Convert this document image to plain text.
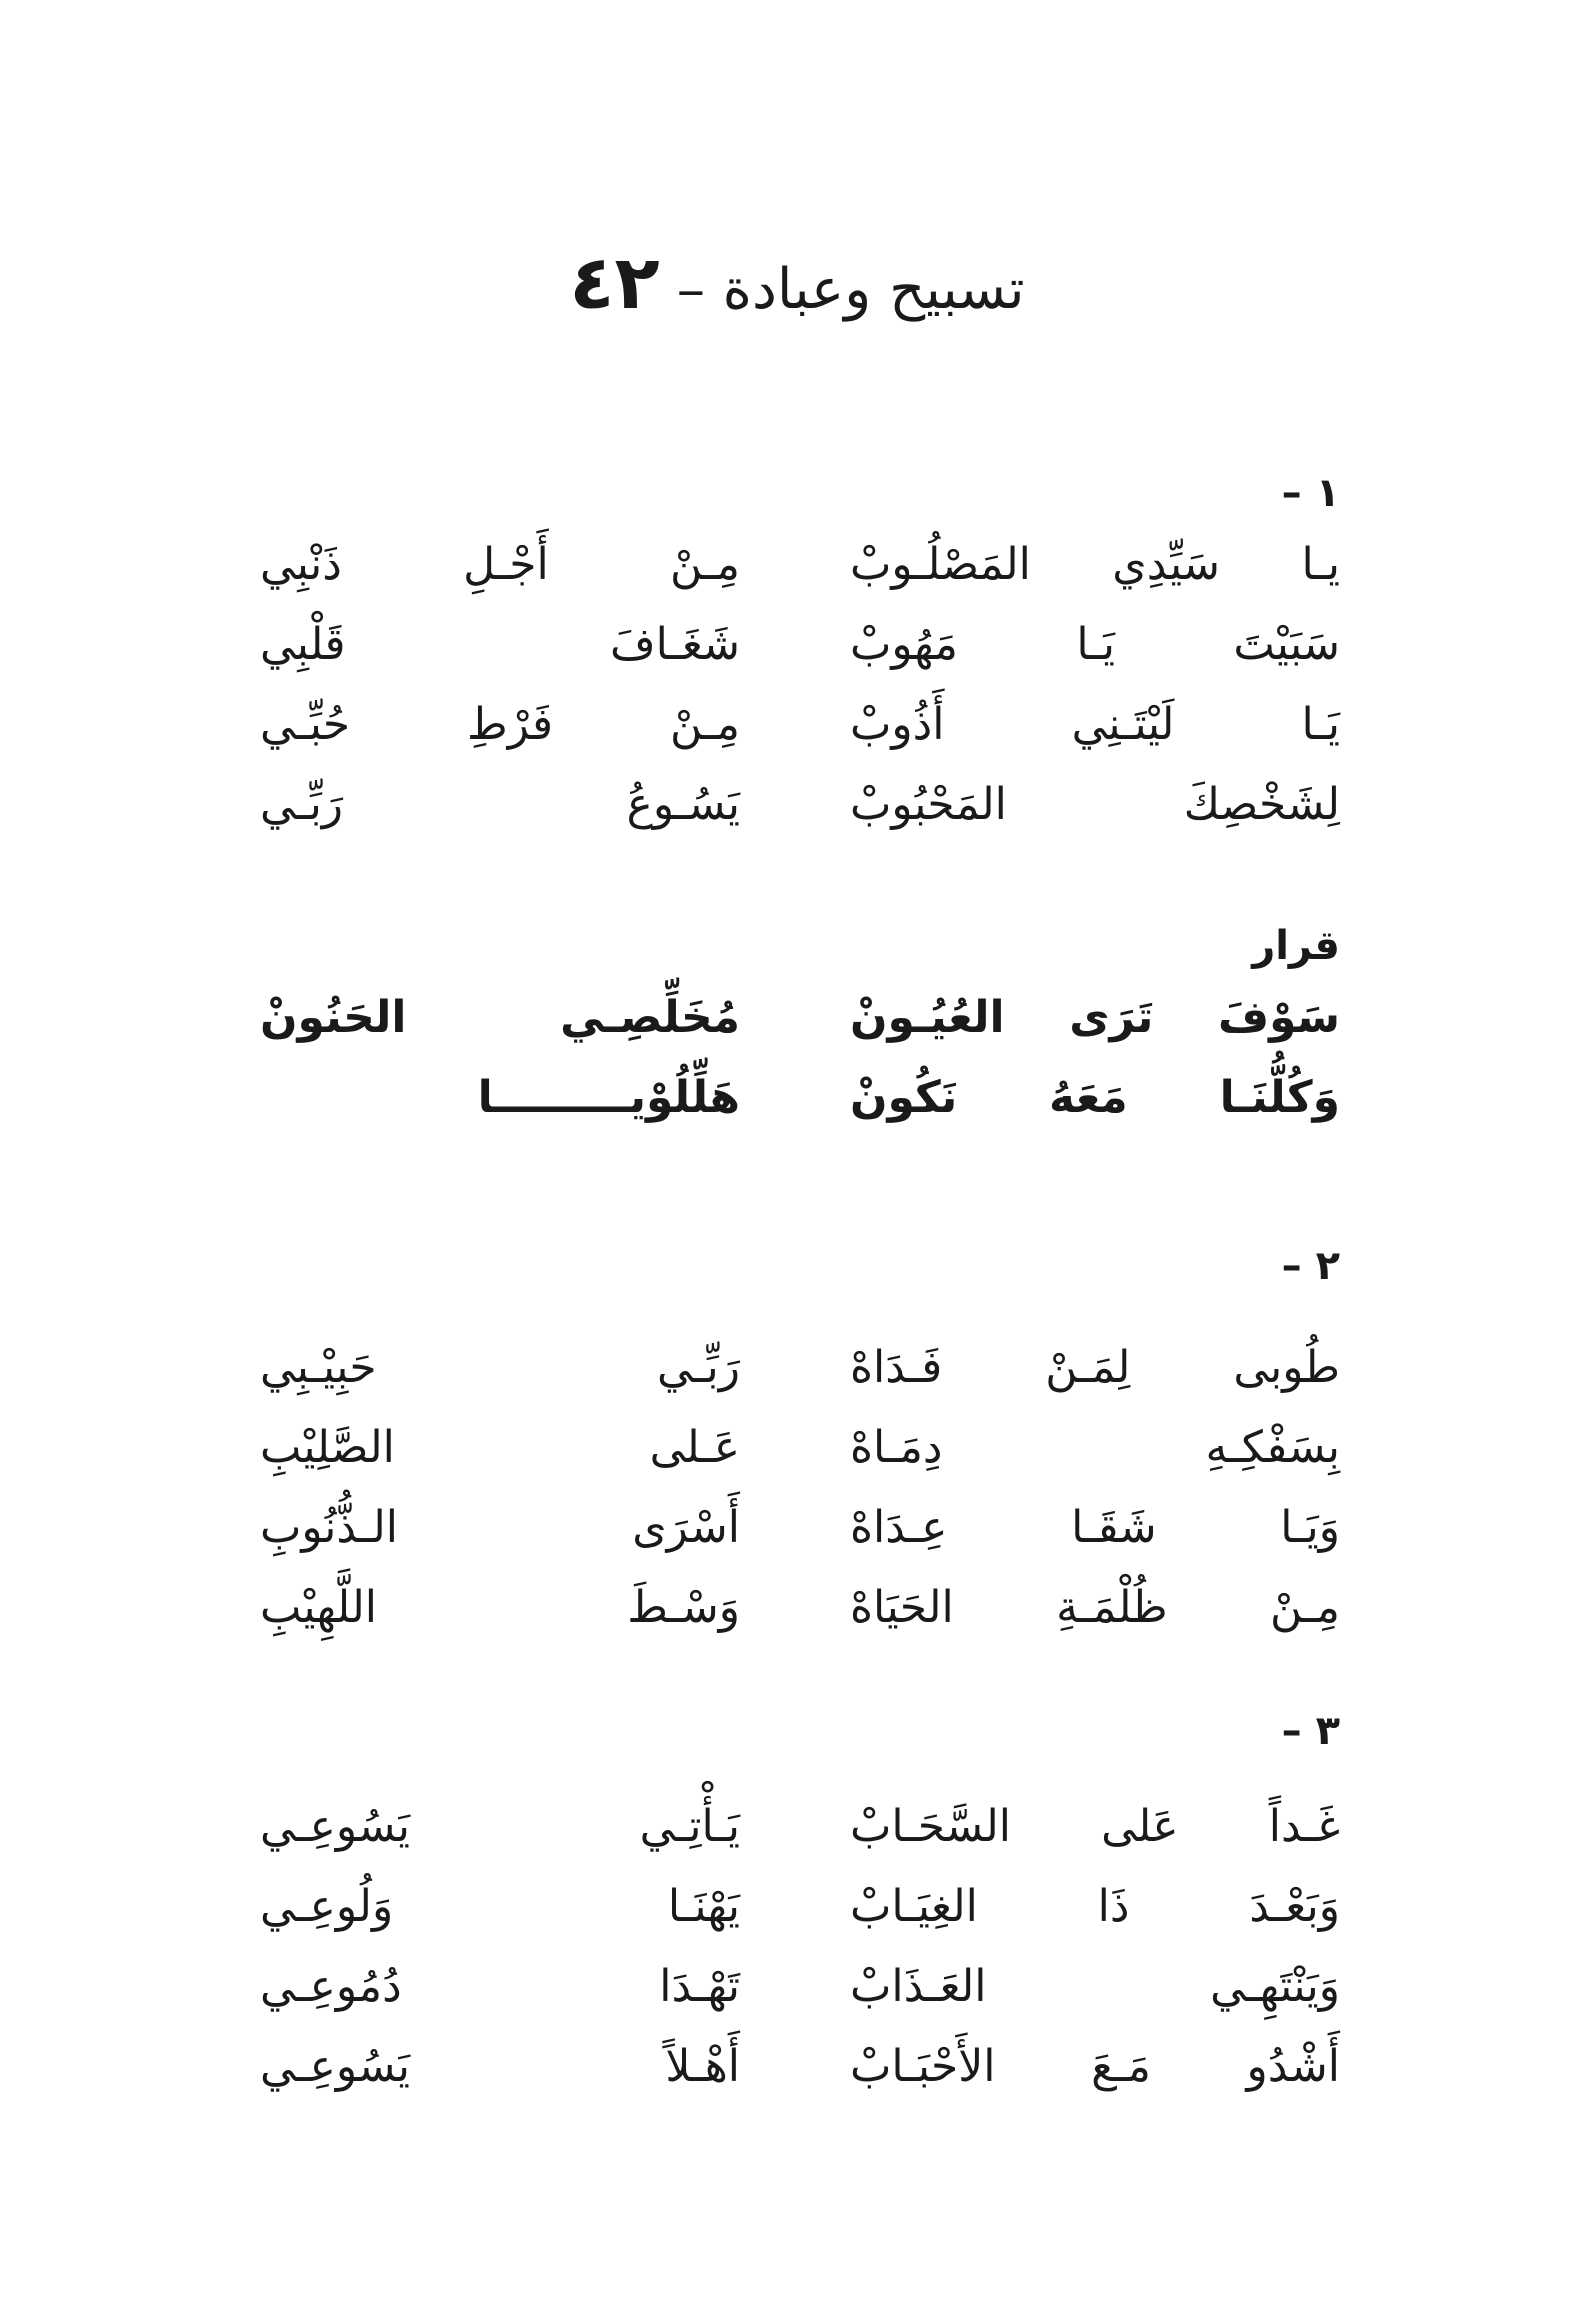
تسبيح وعبادة – ٤٢
١ –
يـا سَيِّدِي المَصْلُـوبْ
مِـنْ أَجْـلِ ذَنْبِي
سَبَيْتَ يَـا مَهُوبْ
شَغَـافَ قَلْبِي
يَـا لَيْتَـنِي أَذُوبْ
مِـنْ فَرْطِ حُبِّـي
لِشَخْصِكَ المَحْبُوبْ
يَسُـوعُ رَبِّـي
قرار
سَوْفَ تَرَى العُيُـونْ
مُخَلِّصِـي الحَنُونْ
وَكُلُّنَـا مَعَهُ نَكُونْ
هَلِّلُوْيـــــــــا
٢ –
طُوبى لِمَـنْ فَـدَاهْ
رَبِّـي حَبِيْـبِي
بِسَفْكِـهِ دِمَـاهْ
عَـلى الصَّلِيْبِ
وَيَـا شَقَـا عِـدَاهْ
أَسْرَى الـذُّنُوبِ
مِـنْ ظُلْمَـةِ الحَيَاهْ
وَسْـطَ اللَّهِيْبِ
٣ –
غَـداً عَلى السَّحَـابْ
يَـأْتِـي يَسُوعِـي
وَبَعْـدَ ذَا الغِيَـابْ
يَهْنَـا وَلُوعِـي
وَيَنْتَهِـي العَـذَابْ
تَهْـدَا دُمُوعِـي
أَشْدُو مَـعَ الأَحْبَـابْ
أَهْـلاً يَسُوعِـي
